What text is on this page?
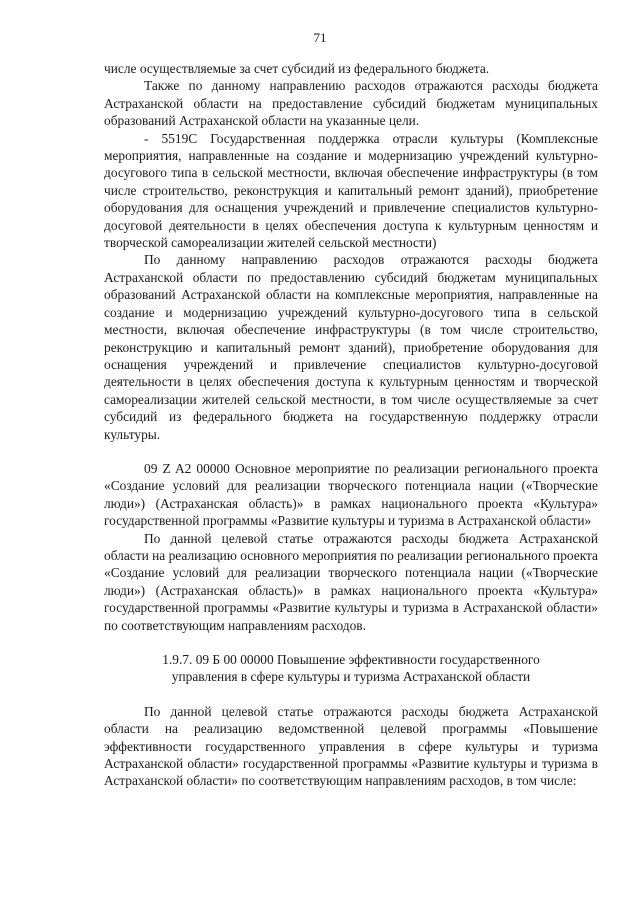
71

числе осуществляемые за счет субсидий из федерального бюджета.

Также по данному направлению расходов отражаются расходы бюджета Астраханской области на предоставление субсидий бюджетам муниципальных образований Астраханской области на указанные цели.

- 5519С Государственная поддержка отрасли культуры (Комплексные мероприятия, направленные на создание и модернизацию учреждений культурно-досугового типа в сельской местности, включая обеспечение инфраструктуры (в том числе строительство, реконструкция и капитальный ремонт зданий), приобретение оборудования для оснащения учреждений и привлечение специалистов культурно-досуговой деятельности в целях обеспечения доступа к культурным ценностям и творческой самореализации жителей сельской местности)

По данному направлению расходов отражаются расходы бюджета Астраханской области по предоставлению субсидий бюджетам муниципальных образований Астраханской области на комплексные мероприятия, направленные на создание и модернизацию учреждений культурно-досугового типа в сельской местности, включая обеспечение инфраструктуры (в том числе строительство, реконструкцию и капитальный ремонт зданий), приобретение оборудования для оснащения учреждений и привлечение специалистов культурно-досуговой деятельности в целях обеспечения доступа к культурным ценностям и творческой самореализации жителей сельской местности, в том числе осуществляемые за счет субсидий из федерального бюджета на государственную поддержку отрасли культуры.

09 Z A2 00000 Основное мероприятие по реализации регионального проекта «Создание условий для реализации творческого потенциала нации («Творческие люди») (Астраханская область)» в рамках национального проекта «Культура» государственной программы «Развитие культуры и туризма в Астраханской области»

По данной целевой статье отражаются расходы бюджета Астраханской области на реализацию основного мероприятия по реализации регионального проекта «Создание условий для реализации творческого потенциала нации («Творческие люди») (Астраханская область)» в рамках национального проекта «Культура» государственной программы «Развитие культуры и туризма в Астраханской области» по соответствующим направлениям расходов.

1.9.7. 09 Б 00 00000 Повышение эффективности государственного
управления в сфере культуры и туризма Астраханской области

По данной целевой статье отражаются расходы бюджета Астраханской области на реализацию ведомственной целевой программы «Повышение эффективности государственного управления в сфере культуры и туризма Астраханской области» государственной программы «Развитие культуры и туризма в Астраханской области» по соответствующим направлениям расходов, в том числе:
